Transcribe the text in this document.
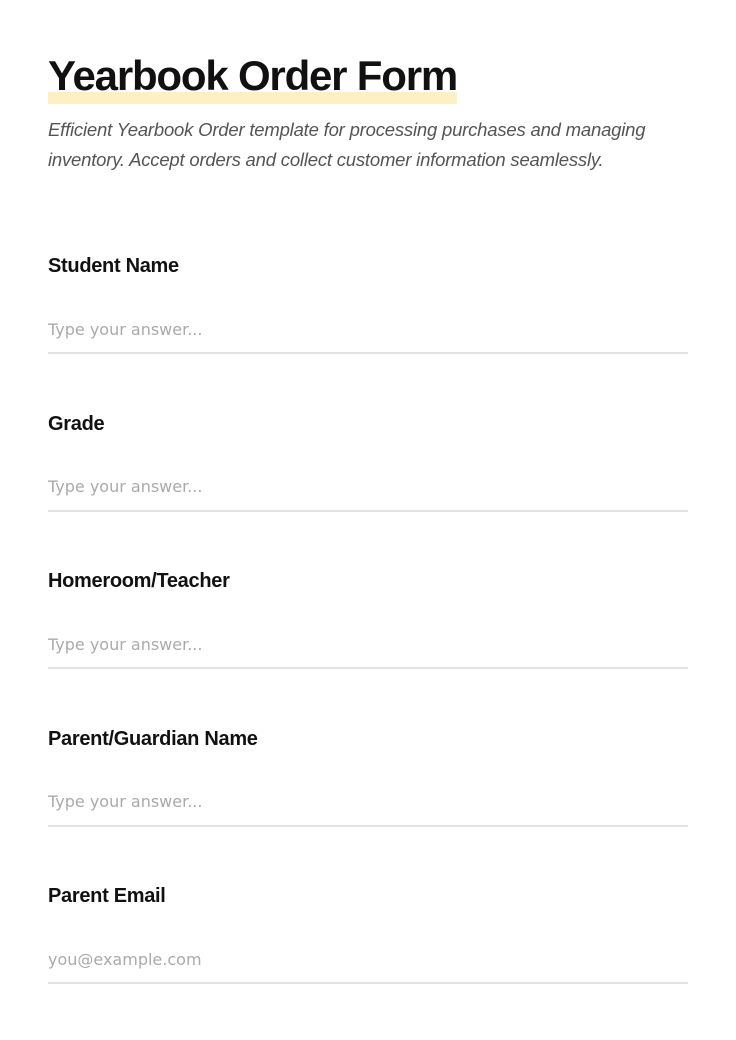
Yearbook Order Form

Efficient Yearbook Order template for processing purchases and managing inventory. Accept orders and collect customer information seamlessly.

Student Name
Type your answer...
Grade
Type your answer...
Homeroom/Teacher
Type your answer...
Parent/Guardian Name
Type your answer...
Parent Email
you@example.com
